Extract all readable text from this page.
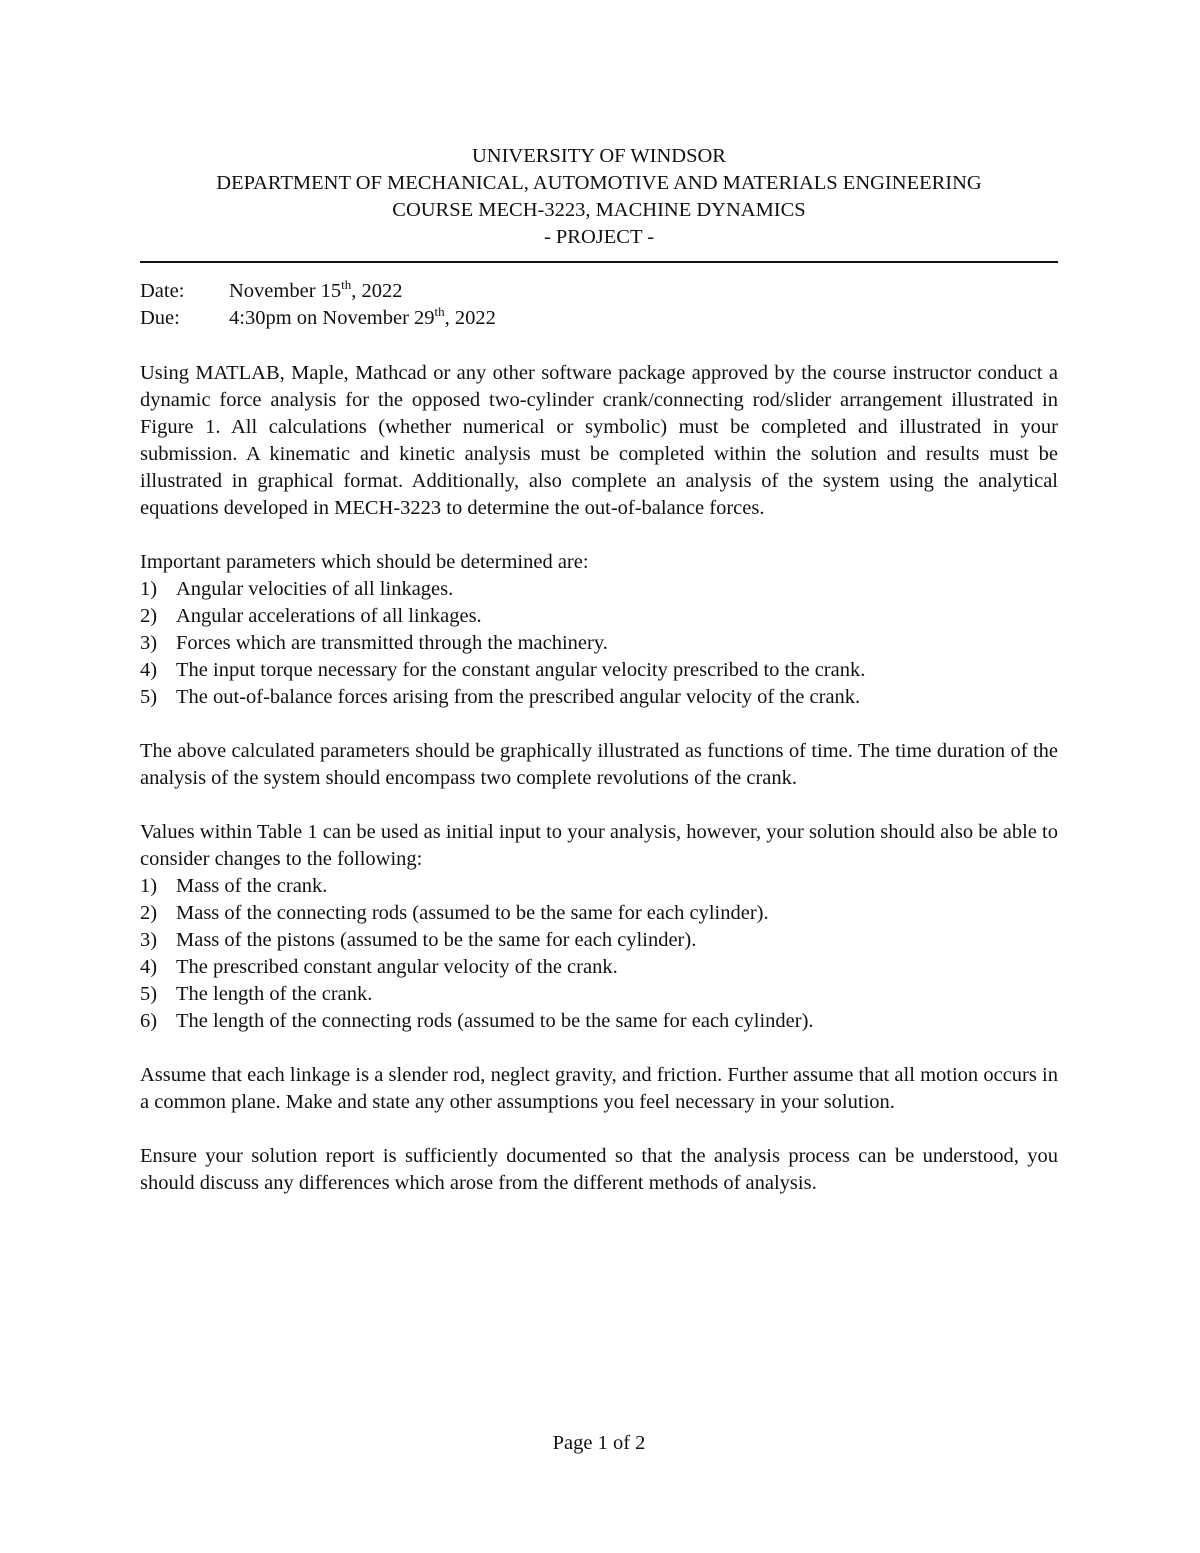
UNIVERSITY OF WINDSOR
DEPARTMENT OF MECHANICAL, AUTOMOTIVE AND MATERIALS ENGINEERING
COURSE MECH-3223, MACHINE DYNAMICS
- PROJECT -
Date:	November 15th, 2022
Due:	4:30pm on November 29th, 2022

Using MATLAB, Maple, Mathcad or any other software package approved by the course instructor conduct a dynamic force analysis for the opposed two-cylinder crank/connecting rod/slider arrangement illustrated in Figure 1. All calculations (whether numerical or symbolic) must be completed and illustrated in your submission. A kinematic and kinetic analysis must be completed within the solution and results must be illustrated in graphical format. Additionally, also complete an analysis of the system using the analytical equations developed in MECH-3223 to determine the out-of-balance forces.

Important parameters which should be determined are:

1) Angular velocities of all linkages.
2) Angular accelerations of all linkages.
3) Forces which are transmitted through the machinery.
4) The input torque necessary for the constant angular velocity prescribed to the crank.
5) The out-of-balance forces arising from the prescribed angular velocity of the crank.

The above calculated parameters should be graphically illustrated as functions of time. The time duration of the analysis of the system should encompass two complete revolutions of the crank.

Values within Table 1 can be used as initial input to your analysis, however, your solution should also be able to consider changes to the following:

1) Mass of the crank.
2) Mass of the connecting rods (assumed to be the same for each cylinder).
3) Mass of the pistons (assumed to be the same for each cylinder).
4) The prescribed constant angular velocity of the crank.
5) The length of the crank.
6) The length of the connecting rods (assumed to be the same for each cylinder).

Assume that each linkage is a slender rod, neglect gravity, and friction. Further assume that all motion occurs in a common plane. Make and state any other assumptions you feel necessary in your solution.

Ensure your solution report is sufficiently documented so that the analysis process can be understood, you should discuss any differences which arose from the different methods of analysis.

Page 1 of 2
